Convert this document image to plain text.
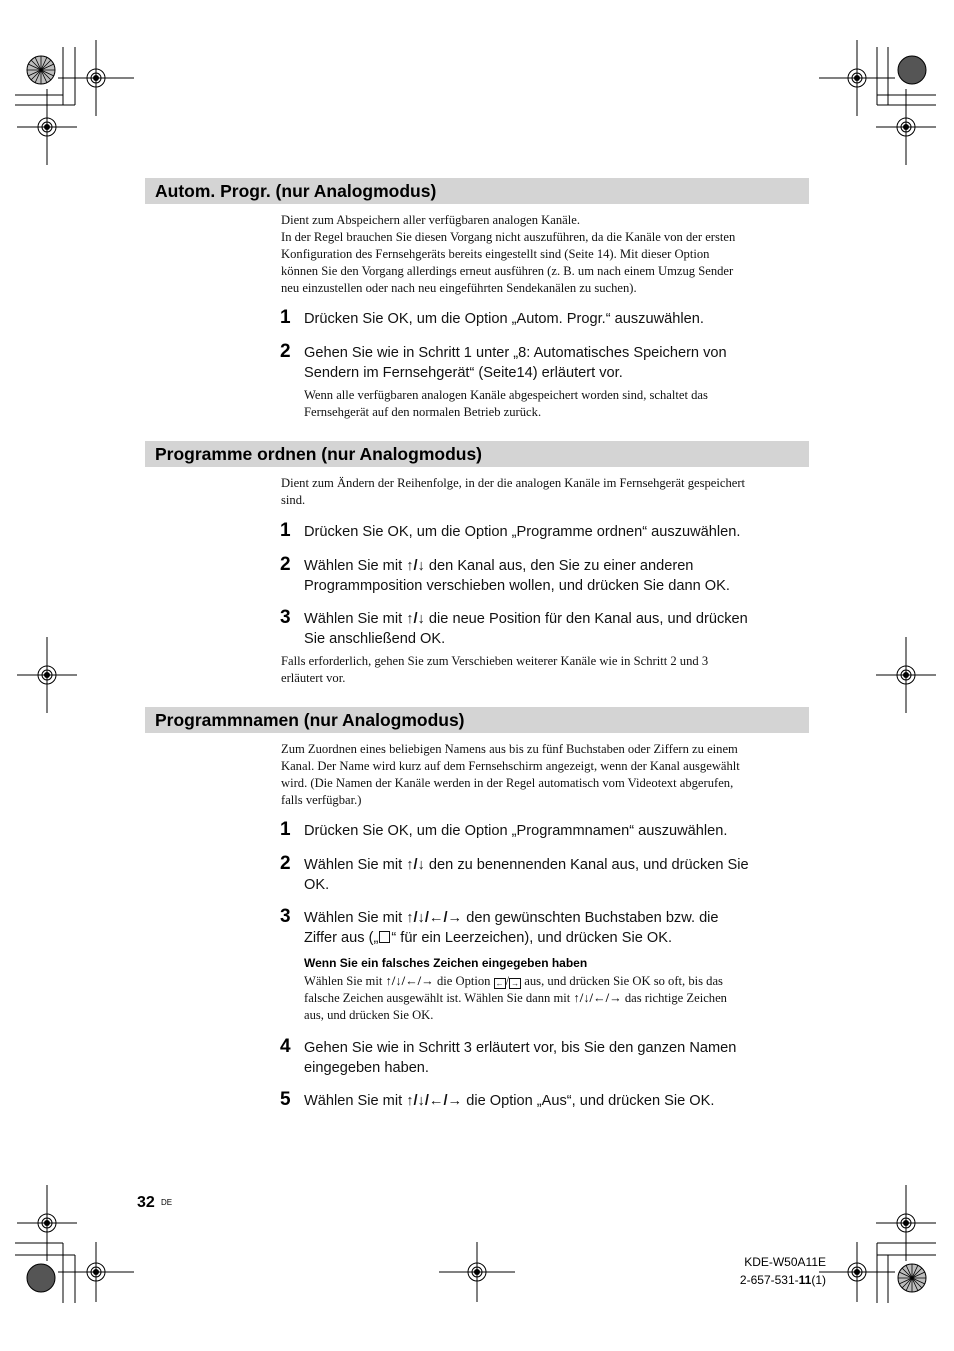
Autom. Progr. (nur Analogmodus)
Dient zum Abspeichern aller verfügbaren analogen Kanäle.
In der Regel brauchen Sie diesen Vorgang nicht auszuführen, da die Kanäle von der ersten
Konfiguration des Fernsehgeräts bereits eingestellt sind (Seite 14). Mit dieser Option
können Sie den Vorgang allerdings erneut ausführen (z. B. um nach einem Umzug Sender
neu einzustellen oder nach neu eingeführten Sendekanälen zu suchen).
1 Drücken Sie OK, um die Option „Autom. Progr.“ auszuwählen.
2 Gehen Sie wie in Schritt 1 unter „8: Automatisches Speichern von
Sendern im Fernsehgerät“ (Seite14) erläutert vor.
Wenn alle verfügbaren analogen Kanäle abgespeichert worden sind, schaltet das
Fernsehgerät auf den normalen Betrieb zurück.
Programme ordnen (nur Analogmodus)
Dient zum Ändern der Reihenfolge, in der die analogen Kanäle im Fernsehgerät gespeichert
sind.
1 Drücken Sie OK, um die Option „Programme ordnen“ auszuwählen.
2 Wählen Sie mit ↑/↓ den Kanal aus, den Sie zu einer anderen
Programmposition verschieben wollen, und drücken Sie dann OK.
3 Wählen Sie mit ↑/↓ die neue Position für den Kanal aus, und drücken
Sie anschließend OK.
Falls erforderlich, gehen Sie zum Verschieben weiterer Kanäle wie in Schritt 2 und 3
erläutert vor.
Programmnamen (nur Analogmodus)
Zum Zuordnen eines beliebigen Namens aus bis zu fünf Buchstaben oder Ziffern zu einem
Kanal. Der Name wird kurz auf dem Fernsehschirm angezeigt, wenn der Kanal ausgewählt
wird. (Die Namen der Kanäle werden in der Regel automatisch vom Videotext abgerufen,
falls verfügbar.)
1 Drücken Sie OK, um die Option „Programmnamen“ auszuwählen.
2 Wählen Sie mit ↑/↓ den zu benennenden Kanal aus, und drücken Sie
OK.
3 Wählen Sie mit ↑/↓/←/→ den gewünschten Buchstaben bzw. die
Ziffer aus („ “ für ein Leerzeichen), und drücken Sie OK.
Wenn Sie ein falsches Zeichen eingegeben haben
Wählen Sie mit ↑/↓/←/→ die Option ← / → aus, und drücken Sie OK so oft, bis das
falsche Zeichen ausgewählt ist. Wählen Sie dann mit ↑/↓/←/→ das richtige Zeichen
aus, und drücken Sie OK.
4 Gehen Sie wie in Schritt 3 erläutert vor, bis Sie den ganzen Namen
eingegeben haben.
5 Wählen Sie mit ↑/↓/←/→ die Option „Aus“, und drücken Sie OK.
32 DE
KDE-W50A11E
2-657-531-11(1)
